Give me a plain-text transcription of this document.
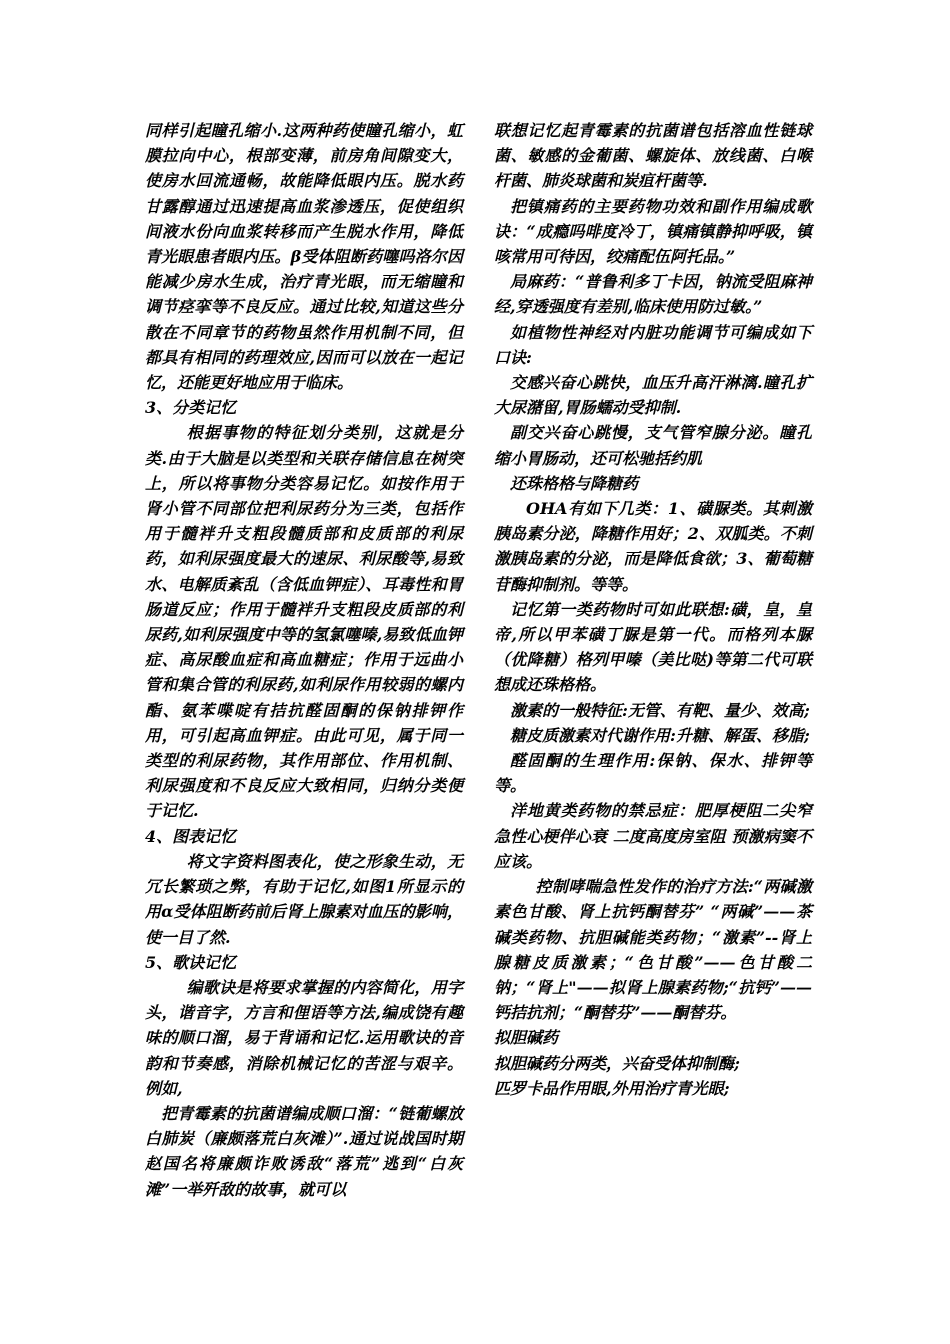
同样引起瞳孔缩小.这两种药使瞳孔缩小，虹膜拉向中心，根部变薄，前房角间隙变大，使房水回流通畅，故能降低眼内压。脱水药甘露醇通过迅速提高血浆渗透压，促使组织间液水份向血浆转移而产生脱水作用，降低青光眼患者眼内压。β受体阻断药噻吗洛尔因能减少房水生成，治疗青光眼，而无缩瞳和调节痉挛等不良反应。通过比较,知道这些分散在不同章节的药物虽然作用机制不同，但都具有相同的药理效应,因而可以放在一起记忆，还能更好地应用于临床。

3、分类记忆

根据事物的特征划分类别，这就是分类.由于大脑是以类型和关联存储信息在树突上，所以将事物分类容易记忆。如按作用于肾小管不同部位把利尿药分为三类，包括作用于髓袢升支粗段髓质部和皮质部的利尿药，如利尿强度最大的速尿、利尿酸等,易致水、电解质紊乱（含低血钾症）、耳毒性和胃肠道反应；作用于髓袢升支粗段皮质部的利尿药,如利尿强度中等的氢氯噻嗪,易致低血钾症、高尿酸血症和高血糖症；作用于远曲小管和集合管的利尿药,如利尿作用较弱的螺内酯、氨苯喋啶有拮抗醛固酮的保钠排钾作用，可引起高血钾症。由此可见，属于同一类型的利尿药物，其作用部位、作用机制、利尿强度和不良反应大致相同，归纳分类便于记忆.

4、图表记忆

将文字资料图表化，使之形象生动，无冗长繁琐之弊，有助于记忆,如图1所显示的用α受体阻断药前后肾上腺素对血压的影响，使一目了然.

5、歌诀记忆

编歌诀是将要求掌握的内容简化，用字头，谐音字，方言和俚语等方法,编成饶有趣味的顺口溜，易于背诵和记忆.运用歌诀的音韵和节奏感，消除机械记忆的苦涩与艰辛。例如,

把青霉素的抗菌谱编成顺口溜：“链葡螺放白肺炭（廉颇落荒白灰滩）”.通过说战国时期赵国名将廉颇诈败诱敌“落荒”逃到“白灰滩”一举歼敌的故事，就可以

联想记忆起青霉素的抗菌谱包括溶血性链球菌、敏感的金葡菌、螺旋体、放线菌、白喉杆菌、肺炎球菌和炭疽杆菌等.

把镇痛药的主要药物功效和副作用编成歌诀：“成瘾吗啡度冷丁，镇痛镇静抑呼吸，镇咳常用可待因，绞痛配伍阿托品。”

局麻药：“普鲁利多丁卡因，钠流受阻麻神经,穿透强度有差别,临床使用防过敏。”

如植物性神经对内脏功能调节可编成如下口诀:

交感兴奋心跳快，血压升高汗淋漓.瞳孔扩大尿潴留,胃肠蠕动受抑制.

副交兴奋心跳慢，支气管窄腺分泌。瞳孔缩小胃肠动，还可松驰括约肌

还珠格格与降糖药

OHA有如下几类：1、磺脲类。其刺激胰岛素分泌，降糖作用好；2、双胍类。不刺激胰岛素的分泌，而是降低食欲；3、葡萄糖苷酶抑制剂。等等。

记忆第一类药物时可如此联想:磺，皇，皇帝,所以甲苯磺丁脲是第一代。而格列本脲（优降糖）格列甲嗪（美比哒)等第二代可联想成还珠格格。

激素的一般特征:无管、有靶、量少、效高;

糖皮质激素对代谢作用:升糖、解蛋、移脂;

醛固酮的生理作用:保钠、保水、排钾等等。

洋地黄类药物的禁忌症：肥厚梗阻二尖窄 急性心梗伴心衰 二度高度房室阻 预激病窦不应该。

控制哮喘急性发作的治疗方法:“两碱激素色甘酸、肾上抗钙酮替芬” “两碱”——茶碱类药物、抗胆碱能类药物；“激素”--肾上腺糖皮质激素；“色甘酸”——色甘酸二钠；“肾上"——拟肾上腺素药物;“抗钙”——钙拮抗剂；“酮替芬”——酮替芬。

拟胆碱药

拟胆碱药分两类，兴奋受体抑制酶;

匹罗卡品作用眼,外用治疗青光眼;
